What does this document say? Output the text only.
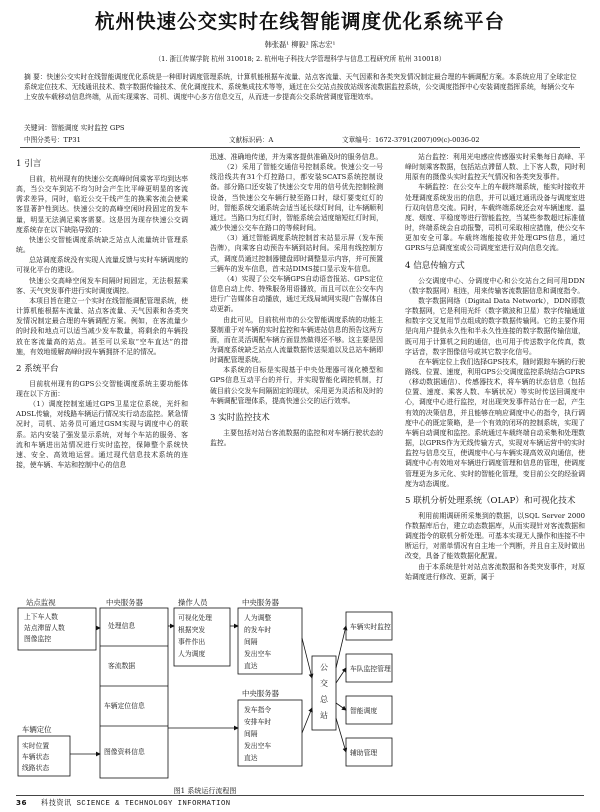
杭州快速公交实时在线智能调度优化系统平台
韩张磊¹ 柳毅² 陈志宏¹
（1. 浙江传媒学院 杭州 310018; 2. 杭州电子科技大学管理科学与信息工程研究所 杭州 310018）
摘 要：快速公交实时在线智能调度优化系统是一种即时调度管理系统，计算机能根据车流量、站点客流量、天气因素和各类突发情况制定最合理的车辆调配方案。本系统应用了全球定位系统定位技术、无线通讯技术、数字数据传输技术、优化调度技术、系统集成技术等等，通过在公交站点按放站级客流数据监控系统，公交调度指挥中心安装调度指挥系统，每辆公交车上安放车载移动信息终端，从而实现乘客、司机、调度中心多方信息交互，从而进一步提高公交系统营调度管理效率。
关键词：智能调度 实时监控 GPS
中图分类号：TP31	文献标识码：A	文章编号：1672-3791(2007)09(c)-0036-02
1 引言

目前，杭州现有的快速公交高峰时间乘客平均到达率高，当公交车到站不均匀时会产生比平峰更明显的客流需求差异，同时，临近公交干线产生的换乘客流会使乘客显著护性到达。快速公交的高峰空闲时段固定的发车量，明显无法满足乘客需要。这是因为现存快速公交调度系统存在以下缺陷导致的：

快速公交智能调度系统缺乏站点人流量统计管理系统。

总站调度系统没有实现人流量反馈与实时车辆调度的可视化平台的建设。

快速公交高峰空闲发车间隔时间固定，无法根据乘客、天气突发事件进行实时调度调控。

本项目旨在建立一个实时在线智能调配管理系统，使计算机能根据车流量、站点客流量、天气因素和各类突发情况制定最合理的车辆调配方案。例如，在客流量少的时段和地点可以适当减少发车数量，将剩余的车辆投放在客流量高的站点。甚至可以采取“空车直达”的措施，有效地缓解高峰时段车辆拥挤不足的情况。

2 系统平台

目前杭州现有的GPS公交智能调度系统主要功能体现在以下方面：

（1）调度控制室通过GPS卫星定位系统，光纤和ADSL传输，对线路车辆运行情况实行动态监控。紧急情况时，司机、站务员可通过GSM实现与调度中心的联系。站内安装了强发显示系统，对每个车站的服务、客流和车辆进出站情况进行实时监控，保障整个系统快速、安全、高效地运营。通过现代信息技术系统的连接，使车辆、车站和控制中心的信息

迅速、准确地传递，并为乘客提供准确及时的服务信息。

（2）采用了智能交通信号控制系统。快速公交一号线沿线共有31个灯控路口，都安装SCATS系统控制设备。部分路口还安装了快速公交专用的信号优先控制检测设备，当快速公交车辆行驶至路口时，绿灯要变红灯的时，智能系统交通系统会适当延长绿灯时间，让车辆顺利通过。当路口为红灯时，智能系统会适度缩短红灯时间，减少快速公交车在路口的等候时间。

（3）通过智能调度系统控制首末站显示屏（发车预告牌），向乘客自动预告车辆到站时间。采用有线控制方式，调度员通过控制器键盘即时调整显示内容，并可预置三辆车的发车信息，首末站DIMS接口显示发车信息。

（4）实现了公交车辆GPS自动语音报站、GPS定位信息自动上传、特殊服务用语播放，而且可以在公交车内进行广告媒体自动播放，通过无线局域网实现广告媒体自动更新。

由此可见，目前杭州市的公交智能调度系统的功能主要制重于对车辆的实时监控和车辆进站信息的预告这两方面，而在灵活调配车辆方面显然做得还不够。这主要是因为调度系统缺乏站点人流量数据传送渠道以及总站车辆即时调配管理系统。

本系统的目标是实现基于中央处理器可视化模型和GPS信息互动平台的并行，并实现智能化调控机制，打破目前公交发车间隔固定的现状，采用更为灵活和及时的车辆调配管理体系，提高快速公交的运行效率。

3 实时监控技术

主要包括对站台客流数据的监控和对车辆行驶状态的监控。

站台监控：利用光电感应传感器实时采集每日高峰、平峰时刻乘客数据，包括站点滞留人数、上下客人数，同时利用原有的摄像头实时监控天气情况和各类突发事件。

车辆监控：在公交车上的车载终端系统，能实时接收并处理调度系统发出的信息，并可以通过通讯设备与调度室进行双向信息交流。同时，车载终端系统还会对车辆速度、温度、烟度、平稳度等进行智能监控，当某些参数超过标准值时，终端系统会自动报警，司机可采取相应措施，使公交车更加安全可靠。车载终端能接收并处理GPS信息，通过GPRS与总调度室或公司调度室进行双向信息交流。

4 信息传输方式

公交调度中心、分调度中心和公交站台之间可用DDN（数字数据网）相连，用来传输客流数据信息和调度指令。

数字数据网络（Digital Data Network），DDN即数字数据网，它是利用光纤（数字微波和卫星）数字传输通道和数字交叉复用节点组成的数字数据传输网。它的主要作用是向用户提供永久性和半永久性连接的数字数据传输信道，既可用于计算机之间的通信，也可用于传送数字化传真，数字话音，数字图像信号或其它数字化信号。

在车辆定位上我们选择GPS技术，随时跟踪车辆的行驶路线、位置、速度，利用GPS公交调度监控系统结合GPRS（移动数据通信）、传感器技术，将车辆的状态信息（包括位置、速度、乘客人数、车辆状况）等实时传送回调度中心，调度中心进行监控，对出现突发事件站台在一起，产生有效的决策信息，并且能够在响应调度中心的指令，执行调度中心的既定策略，是一个有效的闭环的控制系统，实现了车辆自动调度和监控。系统通过车载终端自动采集和处理数据，以GPRS作为无线传输方式，实现对车辆运营中的实时监控与信息交互，使调度中心与车辆实现高效双向通信，使调度中心有效地对车辆进行调度管理和信息的管理，使调度管理更为多元化、实时的智能化管理，变目前公交的经验调度为动态调度。

5 联机分析处理系统（OLAP）和可视化技术

利用前期调研所采集到的数据，以SQL Server 2000作数据库后台，建立动态数据库，从而实现针对客流数据和调度指令的联机分析处理。可基本实现无人操作和连接不中断运行，对需单情况有自主地一个判断，并且自主及时做出改变，具备了能效数据化配置。

由于本系统是针对站点客流数据和各类突发事件，对原始调度进行修改、更新，属于

站点监视
上下车人数
站点滞留人数
图像监控
车辆定位
实时位置
车辆状态
线路状态
中央服务器
处理信息
客流数据
车辆定位信息
图像资料信息
操作人员
可视化处理
根据突发
事件作出
人为调度
中央服务器
人为调整
的发车时
间隔
发出空车
直达
中央服务器
发车指令
安排车时
间隔
发出空车
直达
公交总站
车辆实时监控
车队监控管理
智能调度
辅助管理
图1 系统运行流程图
36 科技资讯 SCIENCE & TECHNOLOGY INFORMATION
